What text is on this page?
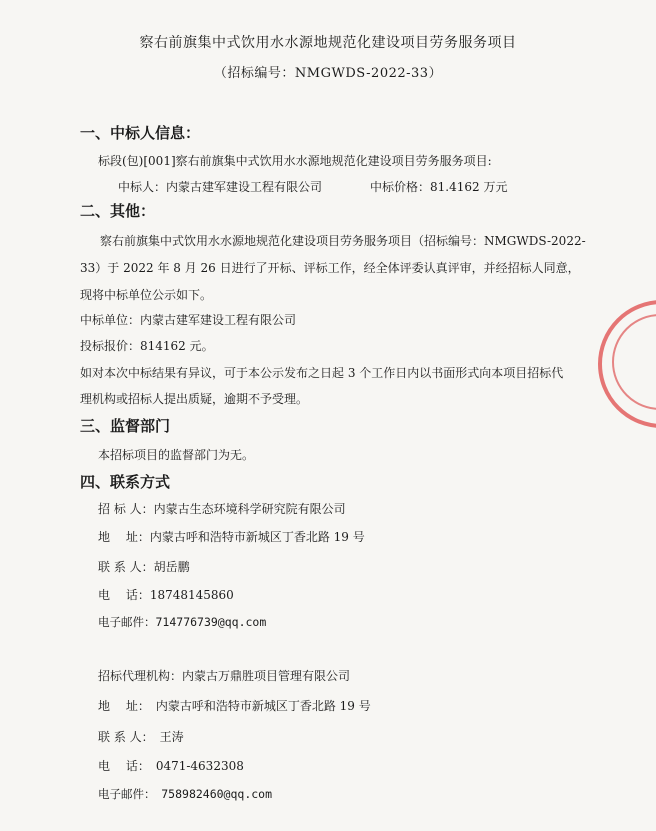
察右前旗集中式饮用水水源地规范化建设项目劳务服务项目
（招标编号：NMGWDS-2022-33）
一、中标人信息：
标段(包)[001]察右前旗集中式饮用水水源地规范化建设项目劳务服务项目:
中标人：内蒙古建军建设工程有限公司	中标价格：81.4162 万元
二、其他：
察右前旗集中式饮用水水源地规范化建设项目劳务服务项目（招标编号：NMGWDS-2022-
33）于 2022 年 8 月 26 日进行了开标、评标工作，经全体评委认真评审，并经招标人同意，
现将中标单位公示如下。
中标单位：内蒙古建军建设工程有限公司
投标报价：814162 元。
如对本次中标结果有异议，可于本公示发布之日起 3 个工作日内以书面形式向本项目招标代
理机构或招标人提出质疑，逾期不予受理。
三、监督部门
本招标项目的监督部门为无。
四、联系方式
招 标 人：内蒙古生态环境科学研究院有限公司
地　 址：内蒙古呼和浩特市新城区丁香北路 19 号
联 系 人：胡岳鹏
电　 话：18748145860
电子邮件：714776739@qq.com
招标代理机构：内蒙古万鼎胜项目管理有限公司
地　 址：　内蒙古呼和浩特市新城区丁香北路 19 号
联 系 人：　王涛
电　 话：　0471-4632308
电子邮件：　758982460@qq.com
